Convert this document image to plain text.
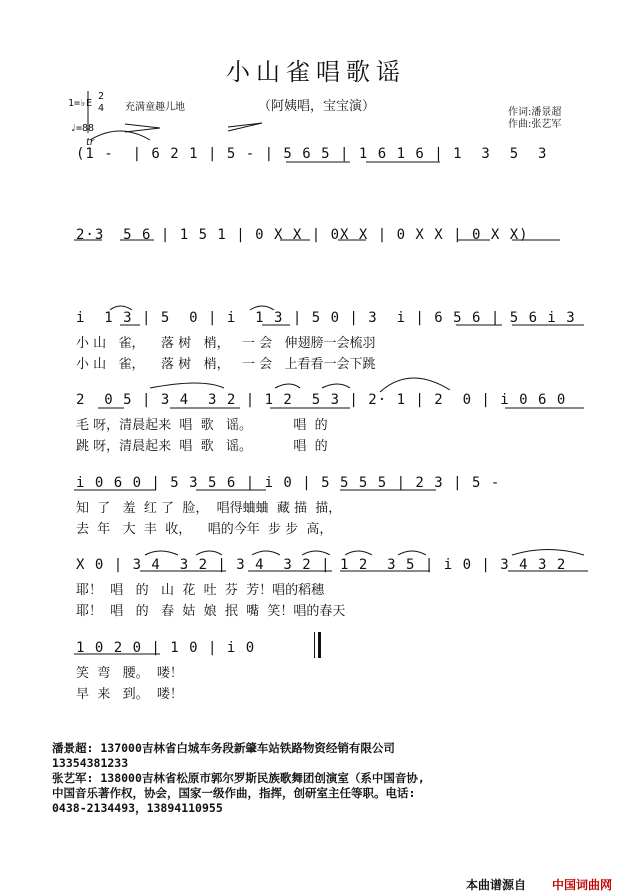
小山雀唱歌谣
1=♭E
2
4 充满童趣儿地
♩=88
（阿姨唱，宝宝演）	作词:潘景超
作曲:张艺军
tr
(1 -  | 6 2 1 | 5 - | 5 6 5 | 1 6 1 6 | 1  3  5  3
2·3  5 6 | 1 5 1 | 0 X X | 0X X | 0 X X | 0 X X)
i  1 3 | 5  0 | i  1 3 | 5 0 | 3  i | 6 5 6 | 5 6 i 3
小 山   雀，    落 树   梢，   一 会   伸翅膀一会梳羽
小 山   雀，    落 树   梢，   一 会   上看看一会下跳
2  0 5 | 3 4  3 2 | 1 2  5 3 | 2· 1 | 2  0 | i 0 6 0
毛 呀，清晨起来  唱  歌   谣。          唱  的
跳 呀，清晨起来  唱  歌   谣。          唱  的
i 0 6 0 | 5 3 5 6 | i 0 | 5 5 5 5 | 2 3 | 5 -
知  了   羞  红 了  脸，  唱得蛐蛐  藏 描  描，
去  年   大  丰  收，    唱的今年  步 步  高，
X 0 | 3 4  3 2 | 3 4  3 2 | 1 2  3 5 | i 0 | 3 4 3 2
耶！  唱   的   山  花  吐  芬  芳！唱的稻穗
耶！  唱   的   春  姑  娘  抿  嘴  笑！唱的春天
1 0 2 0 | 1 0 | i 0
笑  弯   腰。  喽！
早  来   到。  喽！
潘景超: 137000吉林省白城车务段新肇车站铁路物资经销有限公司
13354381233
张艺军: 138000吉林省松原市郭尔罗斯民族歌舞团创演室（系中国音协,
中国音乐著作权，协会，国家一级作曲，指挥，创研室主任等职。电话:
0438-2134493，13894110955
本曲谱源自 中国词曲网
